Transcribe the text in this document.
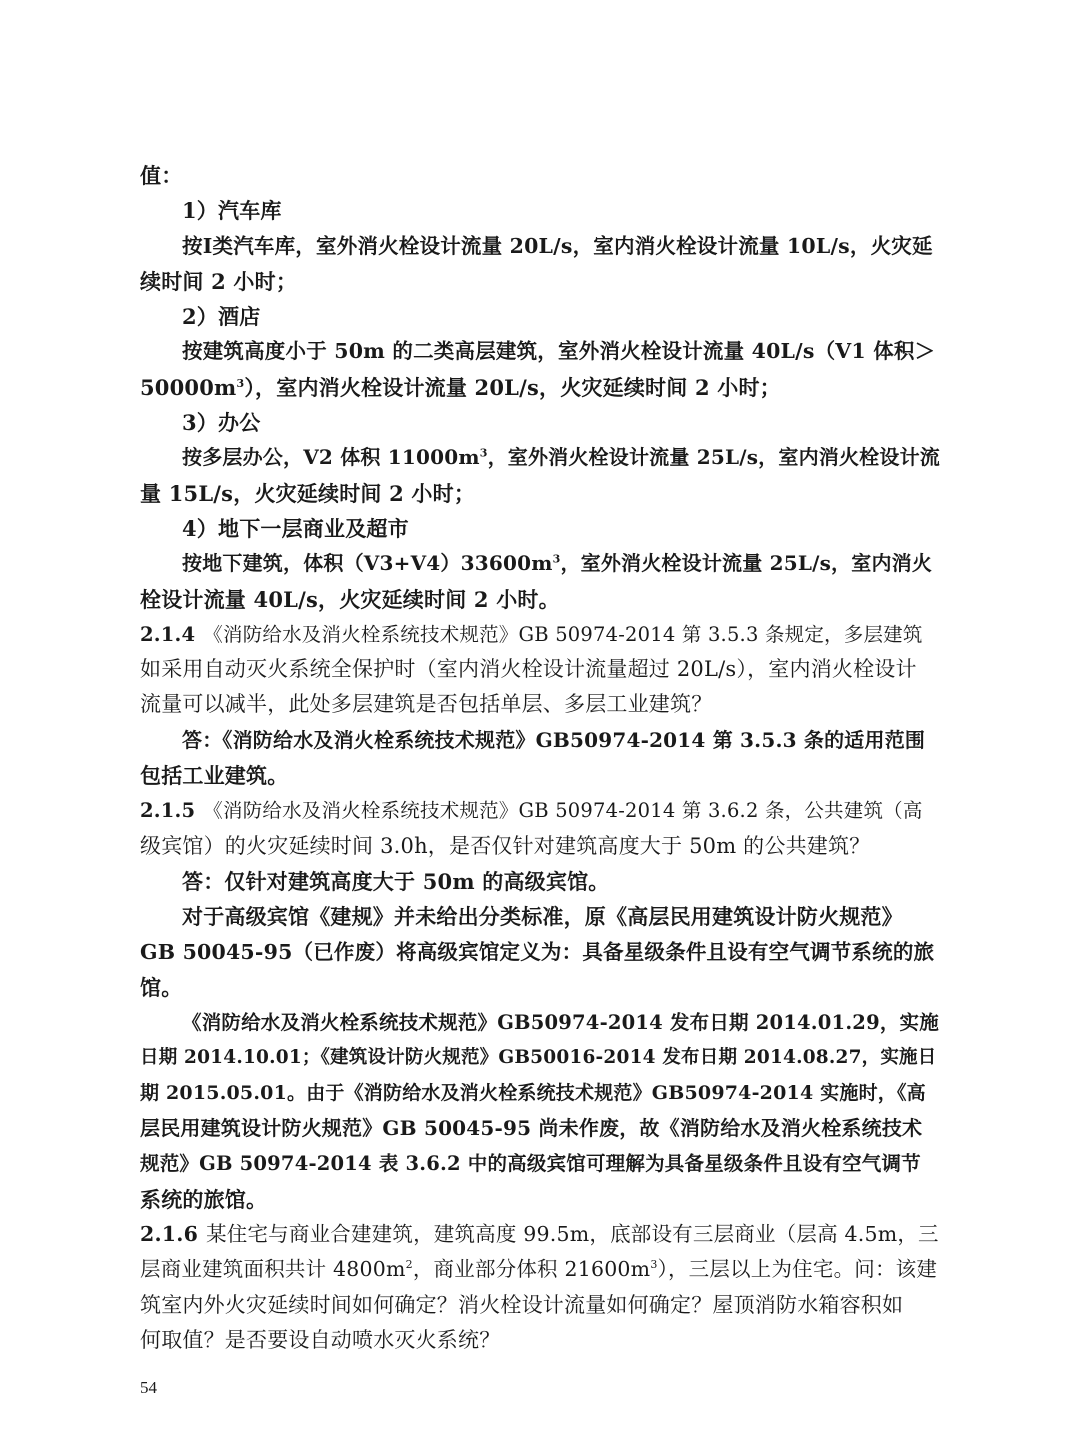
值：
1）汽车库
按I类汽车库，室外消火栓设计流量 20L/s，室内消火栓设计流量 10L/s，火灾延
续时间 2 小时；
2）酒店
按建筑高度小于 50m 的二类高层建筑，室外消火栓设计流量 40L/s（V1 体积＞
$50000m^3$），室内消火栓设计流量 20L/s，火灾延续时间 2 小时；
3）办公
按多层办公，V2 体积 $11000m^3$，室外消火栓设计流量 25L/s，室内消火栓设计流
量 15L/s，火灾延续时间 2 小时；
4）地下一层商业及超市
按地下建筑，体积$(V3+V4)33600m^3$，室外消火栓设计流量 25L/s，室内消火
栓设计流量 40L/s，火灾延续时间 2 小时。
2.1.4 《消防给水及消火栓系统技术规范》GB 50974-2014 第 3.5.3 条规定，多层建筑
如采用自动灭火系统全保护时（室内消火栓设计流量超过 20L/s），室内消火栓设计
流量可以减半，此处多层建筑是否包括单层、多层工业建筑？
答：《消防给水及消火栓系统技术规范》GB50974-2014 第 3.5.3 条的适用范围
包括工业建筑。
2.1.5 《消防给水及消火栓系统技术规范》GB 50974-2014 第 3.6.2 条，公共建筑（高
级宾馆）的火灾延续时间 3.0h，是否仅针对建筑高度大于 50m 的公共建筑？
答：仅针对建筑高度大于 50m 的高级宾馆。
对于高级宾馆《建规》并未给出分类标准，原《高层民用建筑设计防火规范》
GB 50045-95（已作废）将高级宾馆定义为：具备星级条件且设有空气调节系统的旅
馆。
《消防给水及消火栓系统技术规范》GB50974-2014 发布日期 2014.01.29，实施
日期 2014.10.01；《建筑设计防火规范》GB50016-2014 发布日期 2014.08.27，实施日
期 2015.05.01。由于《消防给水及消火栓系统技术规范》GB50974-2014 实施时，《高
层民用建筑设计防火规范》GB 50045-95 尚未作废，故《消防给水及消火栓系统技术
规范》GB 50974-2014 表 3.6.2 中的高级宾馆可理解为具备星级条件且设有空气调节
系统的旅馆。
2.1.6 某住宅与商业合建建筑，建筑高度 99.5m，底部设有三层商业（层高 4.5m，三
层商业建筑面积共计 $4800m^2$，商业部分体积 $21600m^3$），三层以上为住宅。问：该建
筑室内外火灾延续时间如何确定？消火栓设计流量如何确定？屋顶消防水箱容积如
何取值？是否要设自动喷水灭火系统？
54
